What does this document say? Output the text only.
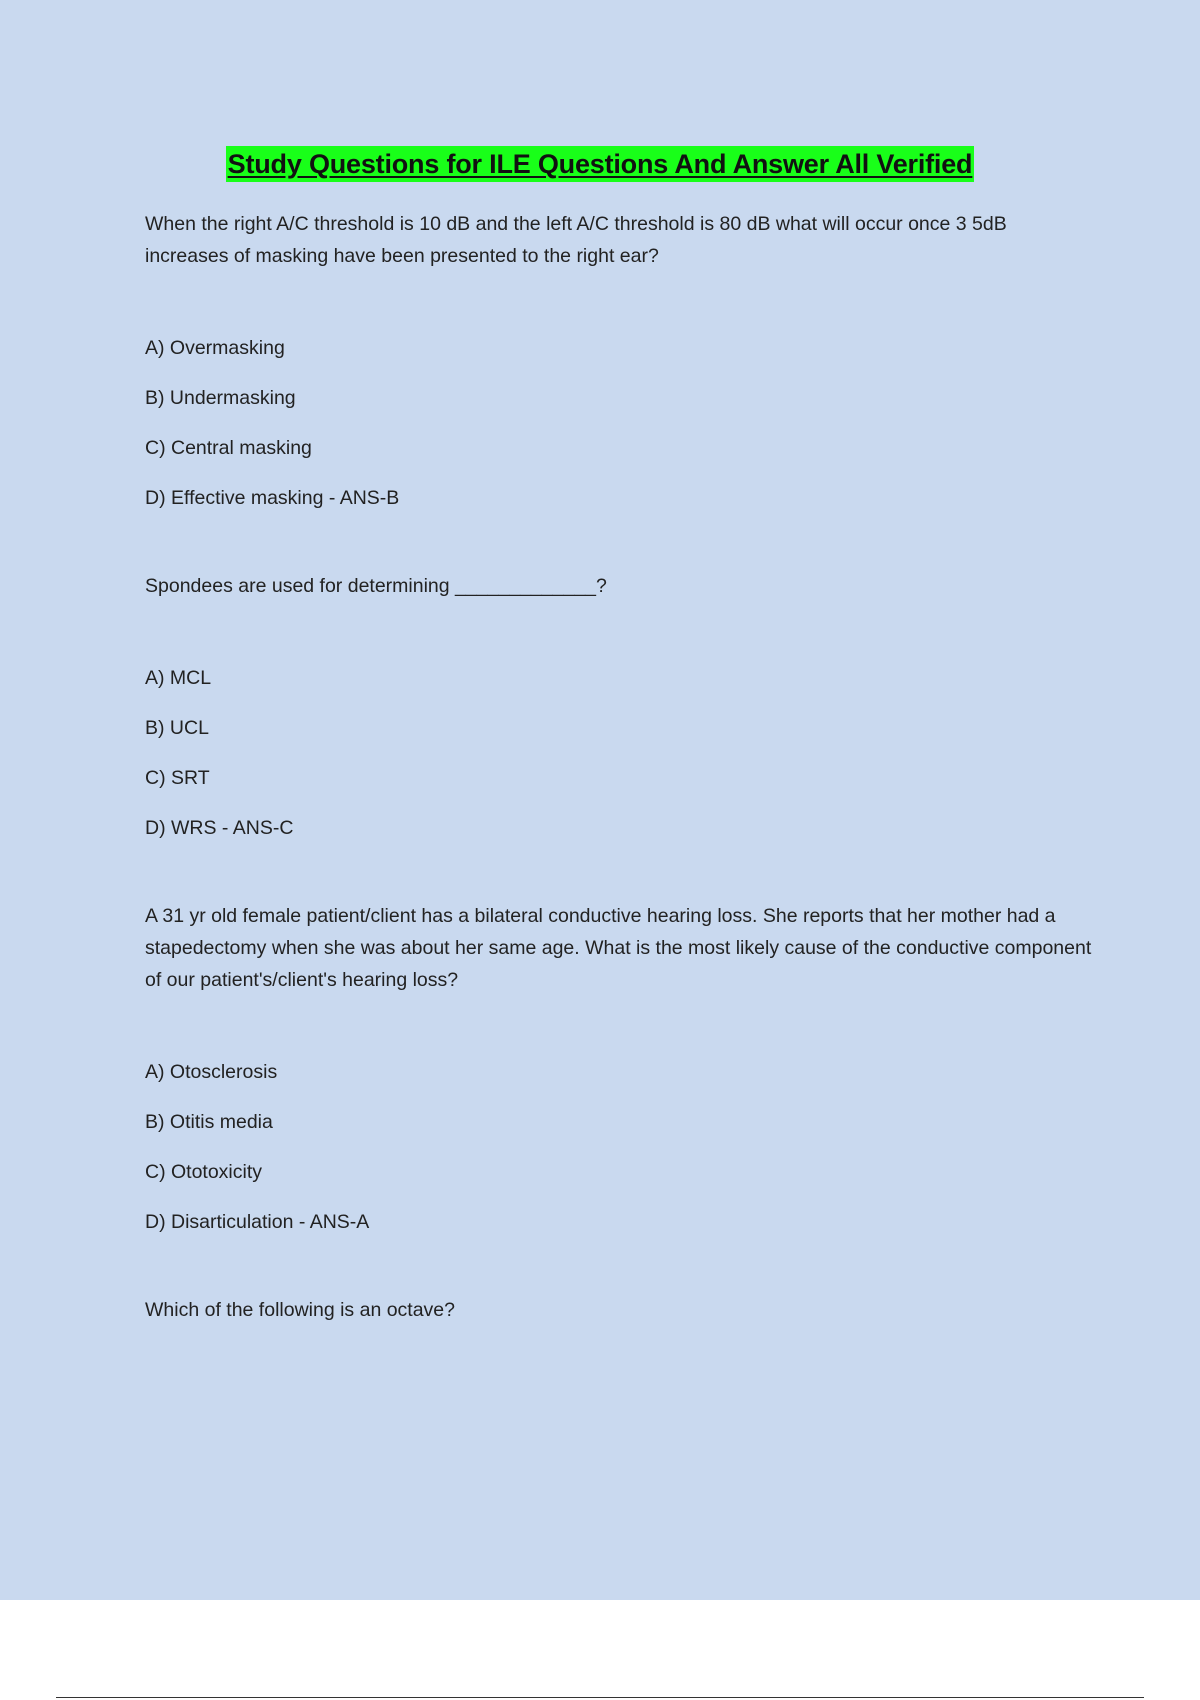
Study Questions for ILE Questions And Answer All Verified

When the right A/C threshold is 10 dB and the left A/C threshold is 80 dB what will occur once 3 5dB increases of masking have been presented to the right ear?

A) Overmasking
B) Undermasking
C) Central masking
D) Effective masking - ANS-B

Spondees are used for determining _____________?

A) MCL
B) UCL
C) SRT
D) WRS - ANS-C

A 31 yr old female patient/client has a bilateral conductive hearing loss. She reports that her mother had a stapedectomy when she was about her same age. What is the most likely cause of the conductive component of our patient's/client's hearing loss?

A) Otosclerosis
B) Otitis media
C) Ototoxicity
D) Disarticulation - ANS-A

Which of the following is an octave?
